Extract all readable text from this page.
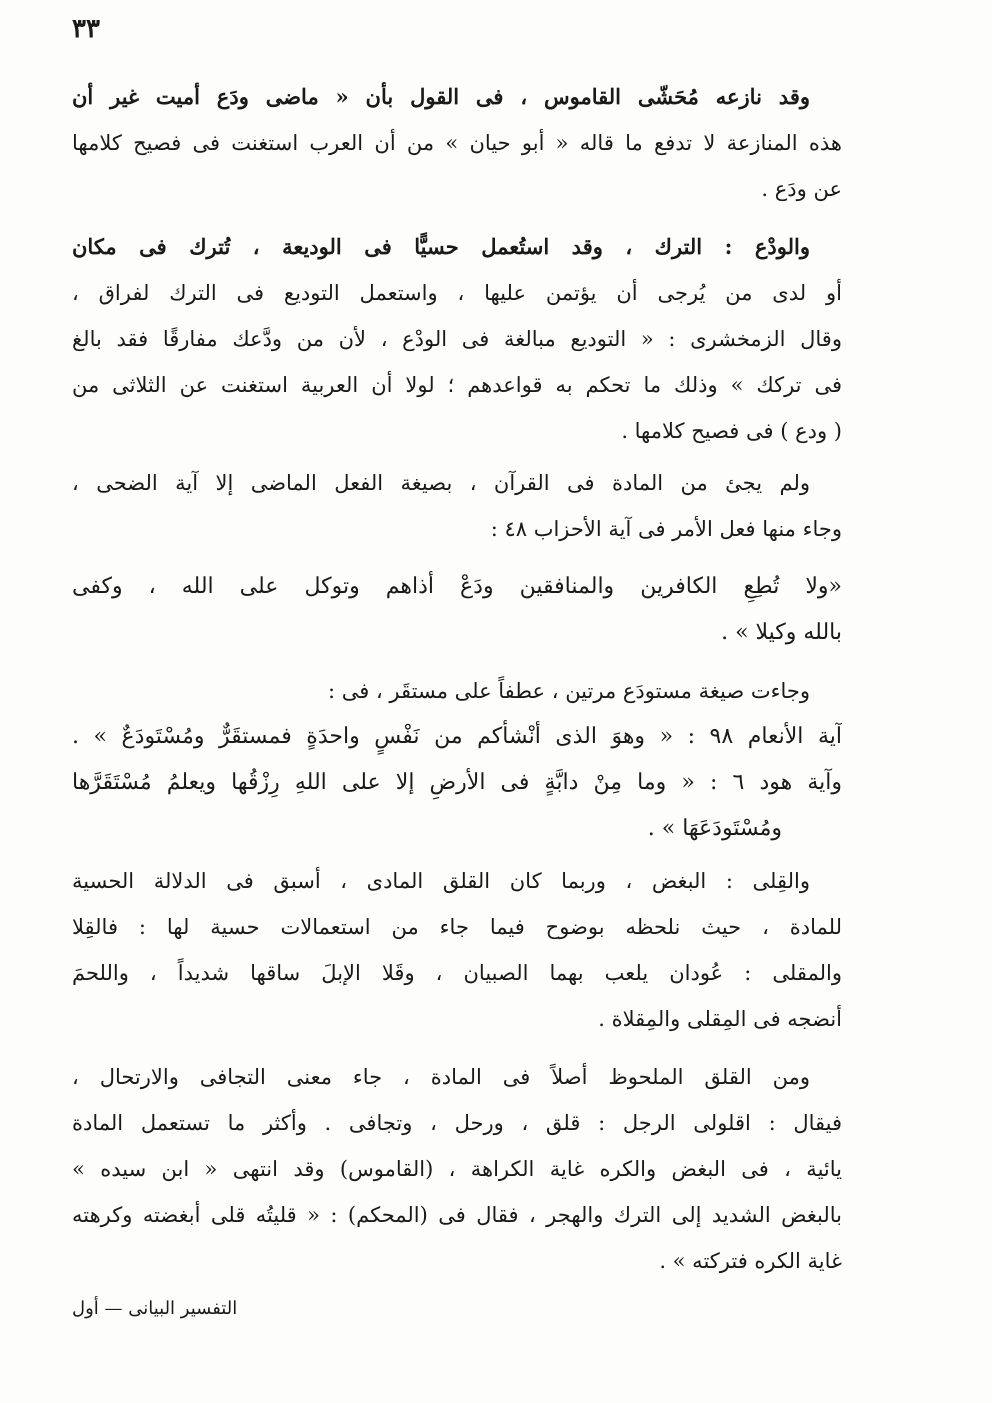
٣٣
وقد نازعه مُحَشّى القاموس ، فى القول بأن « ماضى ودَع أميت غير أن
هذه المنازعة لا تدفع ما قاله « أبو حيان » من أن العرب استغنت فى فصيح كلامها
عن ودَع .
والودْع : الترك ، وقد استُعمل حسيًّا فى الوديعة ، تُترك فى مكان
أو لدى من يُرجى أن يؤتمن عليها ، واستعمل التوديع فى الترك لفراق ،
وقال الزمخشرى : « التوديع مبالغة فى الودْع ، لأن من ودَّعك مفارقًا فقد بالغ
فى تركك » وذلك ما تحكم به قواعدهم ؛ لولا أن العربية استغنت عن الثلاثى من
( ودع ) فى فصيح كلامها .
ولم يجئ من المادة فى القرآن ، بصيغة الفعل الماضى إلا آية الضحى ،
وجاء منها فعل الأمر فى آية الأحزاب ٤٨ :
«ولا تُطِعِ الكافرين والمنافقين ودَعْ أذاهم وتوكل على الله ، وكفى
بالله وكيلا » .
وجاءت صيغة مستودَع مرتين ، عطفاً على مستقَر ، فى :
آية الأنعام ٩٨ : « وهوَ الذى أنْشأكم من نَفْسٍ واحدَةٍ فمستقَرٌّ ومُسْتَودَعٌ » .
وآية هود ٦ : « وما مِنْ دابَّةٍ فى الأرضِ إلا على اللهِ رِزْقُها ويعلمُ مُسْتَقَرَّها
ومُسْتَودَعَهَا » .
والقِلى : البغض ، وربما كان القلق المادى ، أسبق فى الدلالة الحسية
للمادة ، حيث نلحظه بوضوح فيما جاء من استعمالات حسية لها : فالقِلا
والمقلى : عُودان يلعب بهما الصبيان ، وقَلا الإبلَ ساقها شديداً ، واللحمَ
أنضجه فى المِقلى والمِقلاة .
ومن القلق الملحوظ أصلاً فى المادة ، جاء معنى التجافى والارتحال ،
فيقال : اقلولى الرجل : قلق ، ورحل ، وتجافى . وأكثر ما تستعمل المادة
يائية ، فى البغض والكره غاية الكراهة ، (القاموس) وقد انتهى « ابن سيده »
بالبغض الشديد إلى الترك والهجر ، فقال فى (المحكم) : « قليتُه قلى أبغضته وكرهته
غاية الكره فتركته » .
التفسير البيانى — أول
